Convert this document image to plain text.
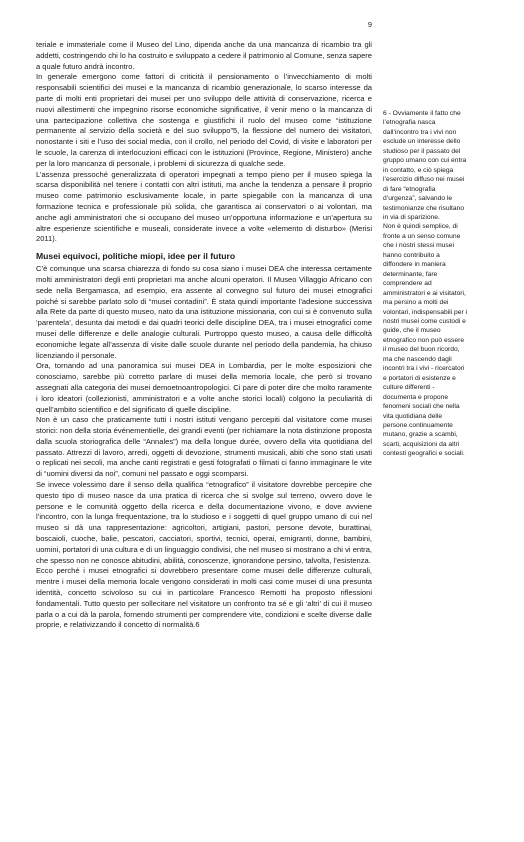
9

teriale e immateriale come il Museo del Lino, dipenda anche da una mancanza di ricambio tra gli addetti, costringendo chi lo ha costruito e sviluppato a cedere il patrimonio al Comune, senza sapere a quale futuro andrà incontro.

In generale emergono come fattori di criticità il pensionamento o l’invecchiamento di molti responsabili scientifici dei musei e la mancanza di ricambio generazionale, lo scarso interesse da parte di molti enti proprietari dei musei per uno sviluppo delle attività di conservazione, ricerca e nuovi allestimenti che impegnino risorse economiche significative, il venir meno o la mancanza di una partecipazione collettiva che sostenga e giustifichi il ruolo del museo come “istituzione permanente al servizio della società e del suo sviluppo”5, la flessione del numero dei visitatori, nonostante i siti e l’uso dei social media, con il crollo, nel periodo del Covid, di visite e laboratori per le scuole, la carenza di interlocuzioni efficaci con le istituzioni (Province, Regione, Ministero) anche per la loro mancanza di personale, i problemi di sicurezza di qualche sede.

L’assenza pressoché generalizzata di operatori impegnati a tempo pieno per il museo spiega la scarsa disponibilità nel tenere i contatti con altri istituti, ma anche la tendenza a pensare il proprio museo come patrimonio esclusivamente locale, in parte spiegabile con la mancanza di una formazione tecnica e professionale più solida, che garantisca ai conservatori o ai volontari, ma anche agli amministratori che si occupano del museo un’opportuna informazione e un’apertura su altre esperienze scientifiche e museali, considerate invece a volte «elemento di disturbo» (Merisi 2011).

Musei equivoci, politiche miopi, idee per il futuro

C’è comunque una scarsa chiarezza di fondo su cosa siano i musei DEA che interessa certamente molti amministratori degli enti proprietari ma anche alcuni operatori. Il Museo Villaggio Africano con sede nella Bergamasca, ad esempio, era assente al convegno sul futuro dei musei etnografici poiché si sarebbe parlato solo di “musei contadini”. È stata quindi importante l’adesione successiva alla Rete da parte di questo museo, nato da una istituzione missionaria, con cui si è convenuto sulla ‘parentela’, desunta dai metodi e dai quadri teorici delle discipline DEA, tra i musei etnografici come musei delle differenze e delle analogie culturali. Purtroppo questo museo, a causa delle difficoltà economiche legate all’assenza di visite dalle scuole durante nel periodo della pandemia, ha chiuso licenziando il personale.

Ora, tornando ad una panoramica sui musei DEA in Lombardia, per le molte esposizioni che conosciamo, sarebbe più corretto parlare di musei della memoria locale, che però si trovano assegnati alla categoria dei musei demoetnoantropologici. Ci pare di poter dire che molto raramente i loro ideatori (collezionisti, amministratori e a volte anche storici locali) colgono la peculiarità di quell’ambito scientifico e del significato di quelle discipline.

Non è un caso che praticamente tutti i nostri istituti vengano percepiti dal visitatore come musei storici: non della storia événementielle, dei grandi eventi (per richiamare la nota distinzione proposta dalla scuola storiografica delle “Annales”) ma della longue durée, ovvero della vita quotidiana del passato. Attrezzi di lavoro, arredi, oggetti di devozione, strumenti musicali, abiti che sono stati usati o replicati nei secoli, ma anche canti registrati e gesti fotografati o filmati ci fanno immaginare le vite di “uomini diversi da noi”, comuni nel passato e oggi scomparsi.

Se invece volessimo dare il senso della qualifica “etnografico” il visitatore dovrebbe percepire che questo tipo di museo nasce da una pratica di ricerca che si svolge sul terreno, ovvero dove le persone e le comunità oggetto della ricerca e della documentazione vivono, e dove avviene l’incontro, con la lunga frequentazione, tra lo studioso e i soggetti di quel gruppo umano di cui nel museo si dà una rappresentazione: agricoltori, artigiani, pastori, persone devote, burattinai, boscaioli, cuoche, balie, pescatori, cacciatori, sportivi, tecnici, operai, emigranti, donne, bambini, uomini, portatori di una cultura e di un linguaggio condivisi, che nel museo si mostrano a chi vi entra, che spesso non ne conosce abitudini, abilità, conoscenze, ignorandone persino, talvolta, l’esistenza.

Ecco perché i musei etnografici si dovrebbero presentare come musei delle differenze culturali, mentre i musei della memoria locale vengono considerati in molti casi come musei di una presunta identità, concetto scivoloso su cui in particolare Francesco Remotti ha proposto riflessioni fondamentali. Tutto questo per sollecitare nel visitatore un confronto tra sé e gli ‘altri’ di cui il museo parla o a cui dà la parola, fornendo strumenti per comprendere vite, condizioni e scelte diverse dalle proprie, e relativizzando il concetto di normalità.6

6 - Ovviamente il fatto che l’etnografia nasca dall’incontro tra i vivi non esclude un interesse dello studioso per il passato del gruppo umano con cui entra in contatto, e ciò spiega l’esercizio diffuso nei musei di fare “etnografia d’urgenza”, salvando le testimonianze che risultano in via di sparizione.

Non è quindi semplice, di fronte a un senso comune che i nostri stessi musei hanno contribuito a diffondere in maniera determinante, fare comprendere ad amministratori e ai visitatori, ma persino a molti dei volontari, indispensabili per i nostri musei come custodi e guide, che il museo etnografico non può essere il museo del buon ricordo, ma che nascendo dagli incontri tra i vivi - ricercatori e portatori di esistenze e culture differenti - documenta e propone fenomeni sociali che nella vita quotidiana delle persone continuamente mutano, grazie a scambi, scarti, acquisizioni da altri contesti geografici e sociali.
